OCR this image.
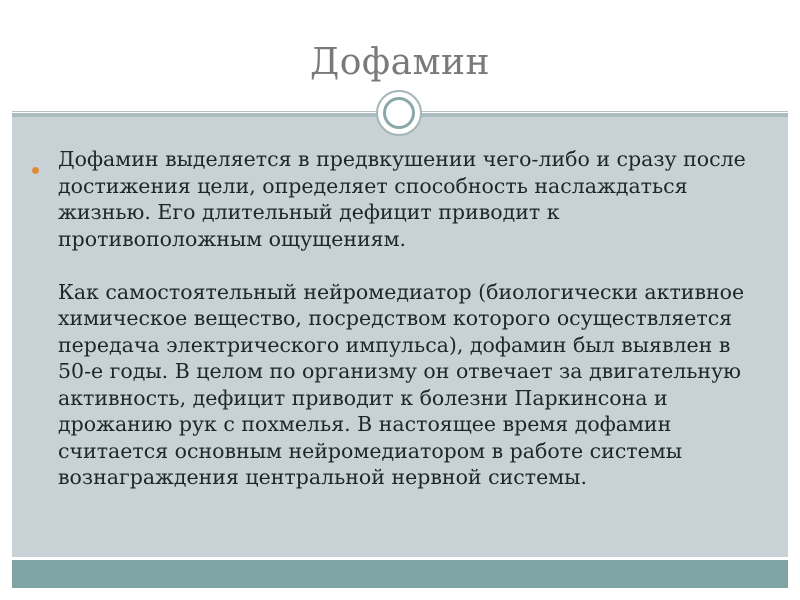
Дофамин

Дофамин выделяется в предвкушении чего-либо и сразу после достижения цели, определяет способность наслаждаться жизнью. Его длительный дефицит приводит к противоположным ощущениям.

Как самостоятельный нейромедиатор (биологически активное химическое вещество, посредством которого осуществляется передача электрического импульса), дофамин был выявлен в 50-е годы. В целом по организму он отвечает за двигательную активность, дефицит приводит к болезни Паркинсона и дрожанию рук с похмелья. В настоящее время дофамин считается основным нейромедиатором в работе системы вознаграждения центральной нервной системы.
